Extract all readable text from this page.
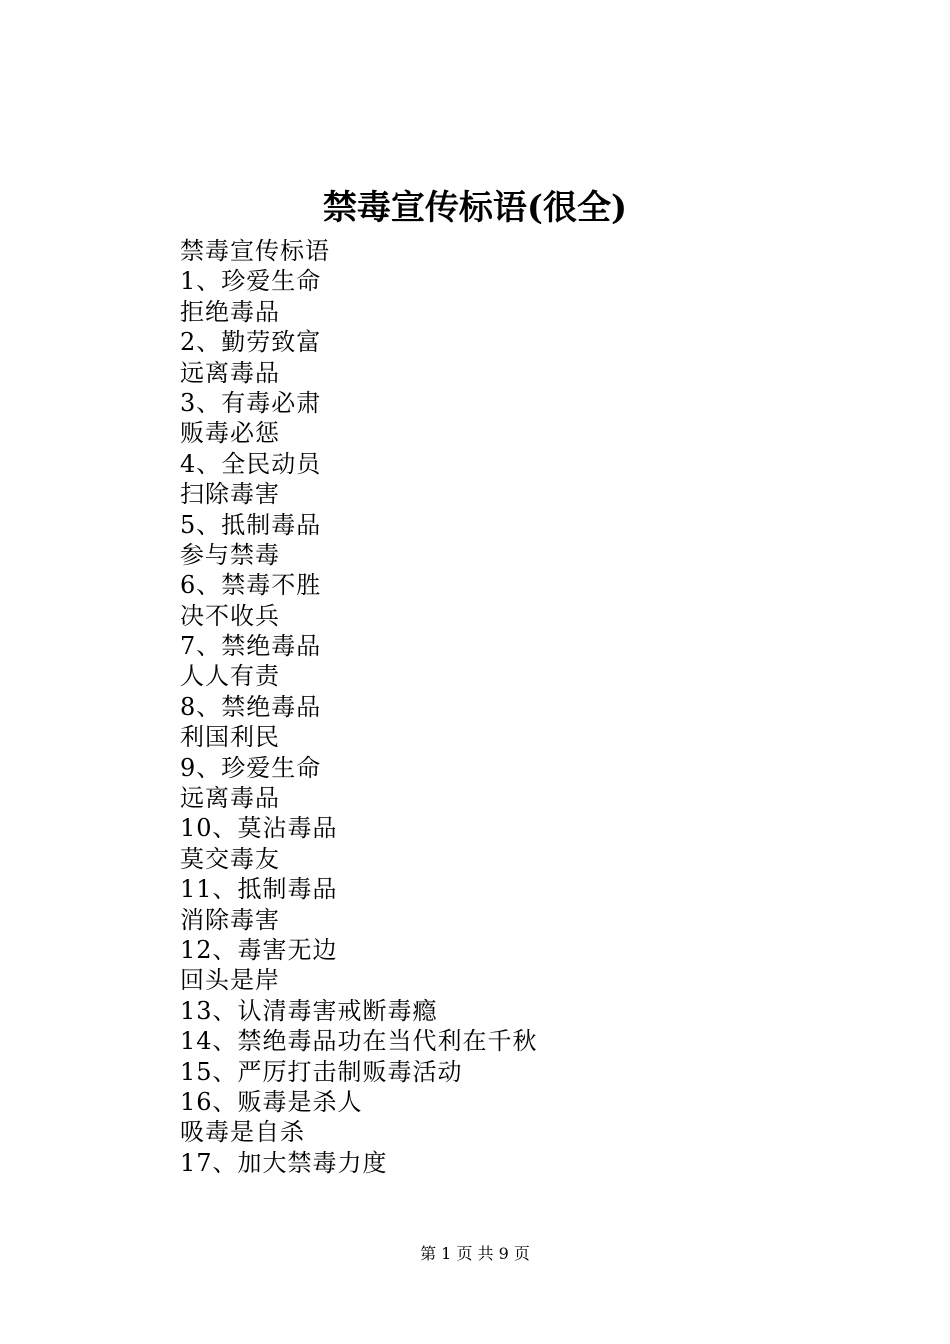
禁毒宣传标语(很全)
禁毒宣传标语
1、珍爱生命
拒绝毒品
2、勤劳致富
远离毒品
3、有毒必肃
贩毒必惩
4、全民动员
扫除毒害
5、抵制毒品
参与禁毒
6、禁毒不胜
决不收兵
7、禁绝毒品
人人有责
8、禁绝毒品
利国利民
9、珍爱生命
远离毒品
10、莫沾毒品
莫交毒友
11、抵制毒品
消除毒害
12、毒害无边
回头是岸
13、认清毒害戒断毒瘾
14、禁绝毒品功在当代利在千秋
15、严厉打击制贩毒活动
16、贩毒是杀人
吸毒是自杀
17、加大禁毒力度
第 1 页 共 9 页
